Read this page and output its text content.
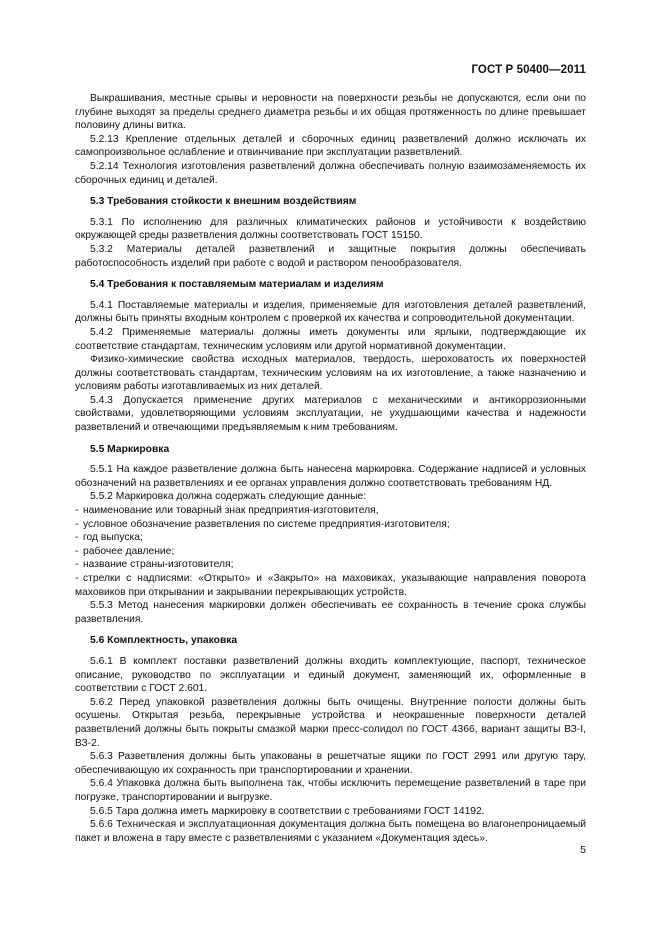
ГОСТ Р 50400—2011

Выкрашивания, местные срывы и неровности на поверхности резьбы не допускаются, если они по глубине выходят за пределы среднего диаметра резьбы и их общая протяженность по длине превышает половину длины витка.

5.2.13 Крепление отдельных деталей и сборочных единиц разветвлений должно исключать их самопроизвольное ослабление и отвинчивание при эксплуатации разветвлений.

5.2.14 Технология изготовления разветвлений должна обеспечивать полную взаимозаменяемость их сборочных единиц и деталей.

5.3 Требования стойкости к внешним воздействиям

5.3.1 По исполнению для различных климатических районов и устойчивости к воздействию окружающей среды разветвления должны соответствовать ГОСТ 15150.

5.3.2 Материалы деталей разветвлений и защитные покрытия должны обеспечивать работоспособность изделий при работе с водой и раствором пенообразователя.

5.4 Требования к поставляемым материалам и изделиям

5.4.1 Поставляемые материалы и изделия, применяемые для изготовления деталей разветвлений, должны быть приняты входным контролем с проверкой их качества и сопроводительной документации.

5.4.2 Применяемые материалы должны иметь документы или ярлыки, подтверждающие их соответствие стандартам, техническим условиям или другой нормативной документации.

Физико-химические свойства исходных материалов, твердость, шероховатость их поверхностей должны соответствовать стандартам, техническим условиям на их изготовление, а также назначению и условиям работы изготавливаемых из них деталей.

5.4.3 Допускается применение других материалов с механическими и антикоррозионными свойствами, удовлетворяющими условиям эксплуатации, не ухудшающими качества и надежности разветвлений и отвечающими предъявляемым к ним требованиям.

5.5 Маркировка

5.5.1 На каждое разветвление должна быть нанесена маркировка. Содержание надписей и условных обозначений на разветвлениях и ее органах управления должно соответствовать требованиям НД.

5.5.2 Маркировка должна содержать следующие данные:

- наименование или товарный знак предприятия-изготовителя,
- условное обозначение разветвления по системе предприятия-изготовителя;
- год выпуска;
- рабочее давление;
- название страны-изготовителя;
- стрелки с надписями: «Открыто» и «Закрыто» на маховиках, указывающие направления поворота маховиков при открывании и закрывании перекрывающих устройств.

5.5.3 Метод нанесения маркировки должен обеспечивать ее сохранность в течение срока службы разветвления.

5.6 Комплектность, упаковка

5.6.1 В комплект поставки разветвлений должны входить комплектующие, паспорт, техническое описание, руководство по эксплуатации и единый документ, заменяющий их, оформленные в соответствии с ГОСТ 2.601.

5.6.2 Перед упаковкой разветвления должны быть очищены. Внутренние полости должны быть осушены. Открытая резьба, перекрывные устройства и неокрашенные поверхности деталей разветвлений должны быть покрыты смазкой марки пресс-солидол по ГОСТ 4366, вариант защиты ВЗ-I, ВЗ-2.

5.6.3 Разветвления должны быть упакованы в решетчатые ящики по ГОСТ 2991 или другую тару, обеспечивающую их сохранность при транспортировании и хранении.

5.6.4 Упаковка должна быть выполнена так, чтобы исключить перемещение разветвлений в таре при погрузке, транспортировании и выгрузке.

5.6.5 Тара должна иметь маркировку в соответствии с требованиями ГОСТ 14192.

5.6.6 Техническая и эксплуатационная документация должна быть помещена во влагонепроницаемый пакет и вложена в тару вместе с разветвлениями с указанием «Документация здесь».

5
